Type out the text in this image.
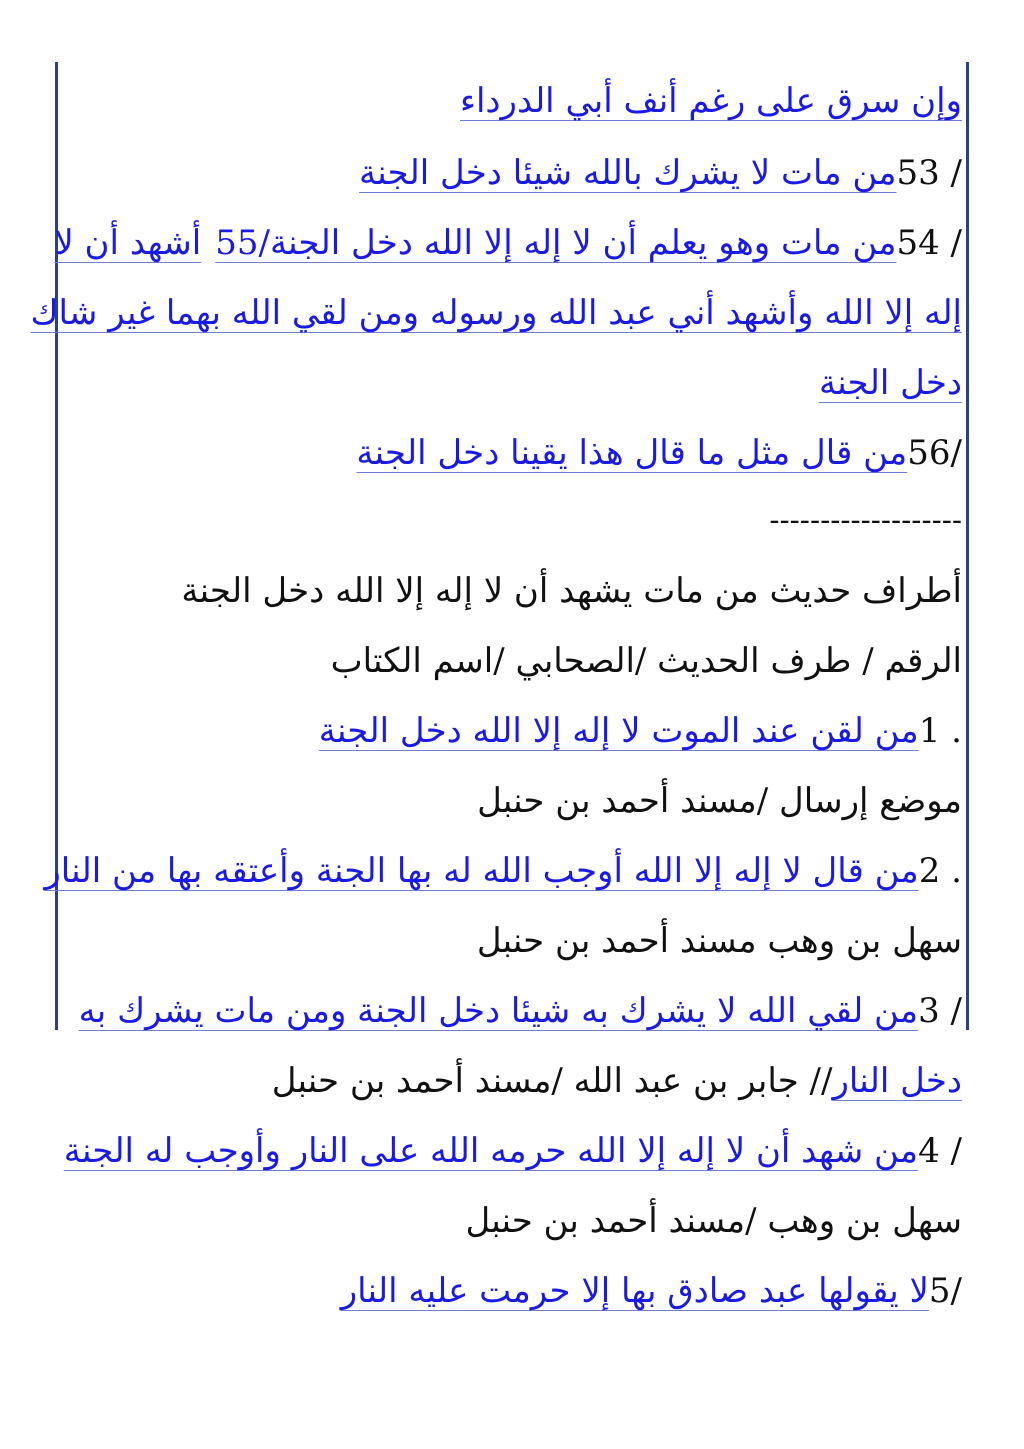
وإن سرق على رغم أنف أبي الدرداء
/ 53من مات لا يشرك بالله شيئا دخل الجنة
/ 54من مات وهو يعلم أن لا إله إلا الله دخل الجنة/55أشهد أن لا
إله إلا الله وأشهد أني عبد الله ورسوله ومن لقي الله بهما غير شاك
دخل الجنة
/56من قال مثل ما قال هذا يقينا دخل الجنة
-------------------
أطراف حديث من مات يشهد أن لا إله إلا الله دخل الجنة
الرقم / طرف الحديث /الصحابي /اسم الكتاب
. 1من لقن عند الموت لا إله إلا الله دخل الجنة
موضع إرسال /مسند أحمد بن حنبل
. 2من قال لا إله إلا الله أوجب الله له بها الجنة وأعتقه بها من النار
سهل بن وهب مسند أحمد بن حنبل
/ 3من لقي الله لا يشرك به شيئا دخل الجنة ومن مات يشرك به
دخل النار// جابر بن عبد الله /مسند أحمد بن حنبل
/ 4من شهد أن لا إله إلا الله حرمه الله على النار وأوجب له الجنة
سهل بن وهب /مسند أحمد بن حنبل
/5لا يقولها عبد صادق بها إلا حرمت عليه النار
